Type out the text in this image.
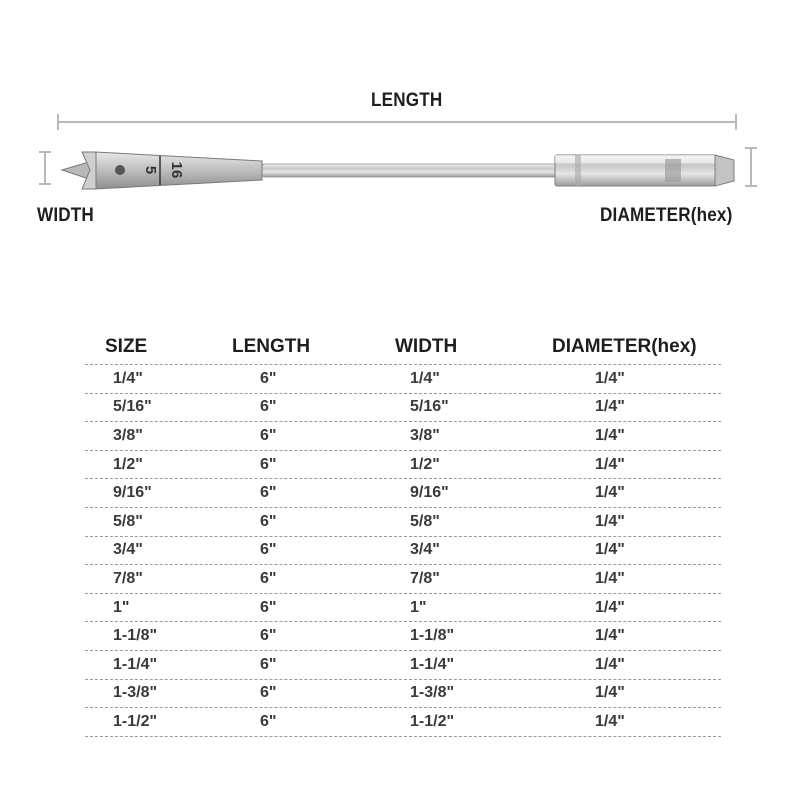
5 16
LENGTH
WIDTH	DIAMETER(hex)
SIZE	LENGTH	WIDTH	DIAMETER(hex)
1/4"	6"	1/4"	1/4"
5/16"	6"	5/16"	1/4"
3/8"	6"	3/8"	1/4"
1/2"	6"	1/2"	1/4"
9/16"	6"	9/16"	1/4"
5/8"	6"	5/8"	1/4"
3/4"	6"	3/4"	1/4"
7/8"	6"	7/8"	1/4"
1"	6"	1"	1/4"
1-1/8"	6"	1-1/8"	1/4"
1-1/4"	6"	1-1/4"	1/4"
1-3/8"	6"	1-3/8"	1/4"
1-1/2"	6"	1-1/2"	1/4"
